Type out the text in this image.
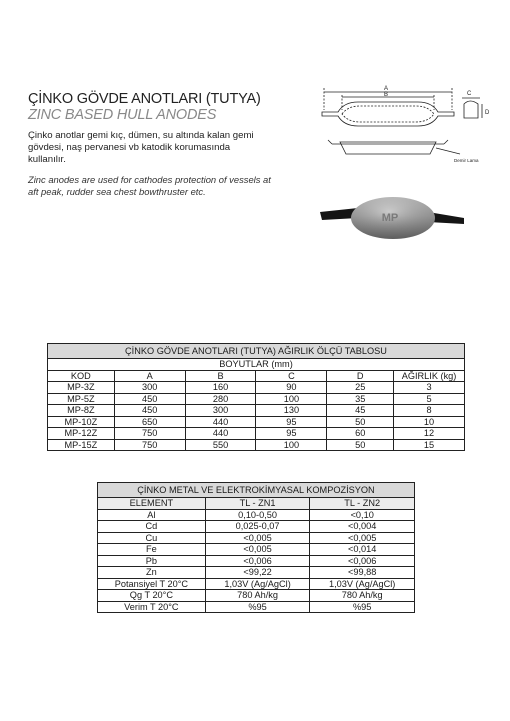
ÇİNKO GÖVDE ANOTLARI (TUTYA)
ZINC BASED HULL ANODES
Çinko anotlar gemi kıç, dümen, su altında kalan gemi gövdesi, naş pervanesi vb katodik korumasında kullanılır.
Zinc anodes are used for cathodes protection of vessels at aft peak, rudder sea chest bowthruster etc.
A
B	C
D
Demir Lama
MP
ÇİNKO GÖVDE ANOTLARI (TUTYA) AĞIRLIK ÖLÇÜ TABLOSU					
BOYUTLAR (mm)					
KOD	A	B	C	D	AĞIRLIK (kg)
MP-3Z	300	160	90	25	3
MP-5Z	450	280	100	35	5
MP-8Z	450	300	130	45	8
MP-10Z	650	440	95	50	10
MP-12Z	750	440	95	60	12
MP-15Z	750	550	100	50	15
ÇİNKO METAL VE ELEKTROKİMYASAL KOMPOZİSYON		
ELEMENT	TL - ZN1	TL - ZN2
Al	0,10-0,50	<0,10
Cd	0,025-0,07	<0,004
Cu	<0,005	<0,005
Fe	<0,005	<0,014
Pb	<0,006	<0,006
Zn	<99,22	<99,88
Potansiyel T 20°C	1,03V (Ag/AgCl)	1,03V (Ag/AgCl)
Qg T 20°C	780 Ah/kg	780 Ah/kg
Verim T 20°C	%95	%95
